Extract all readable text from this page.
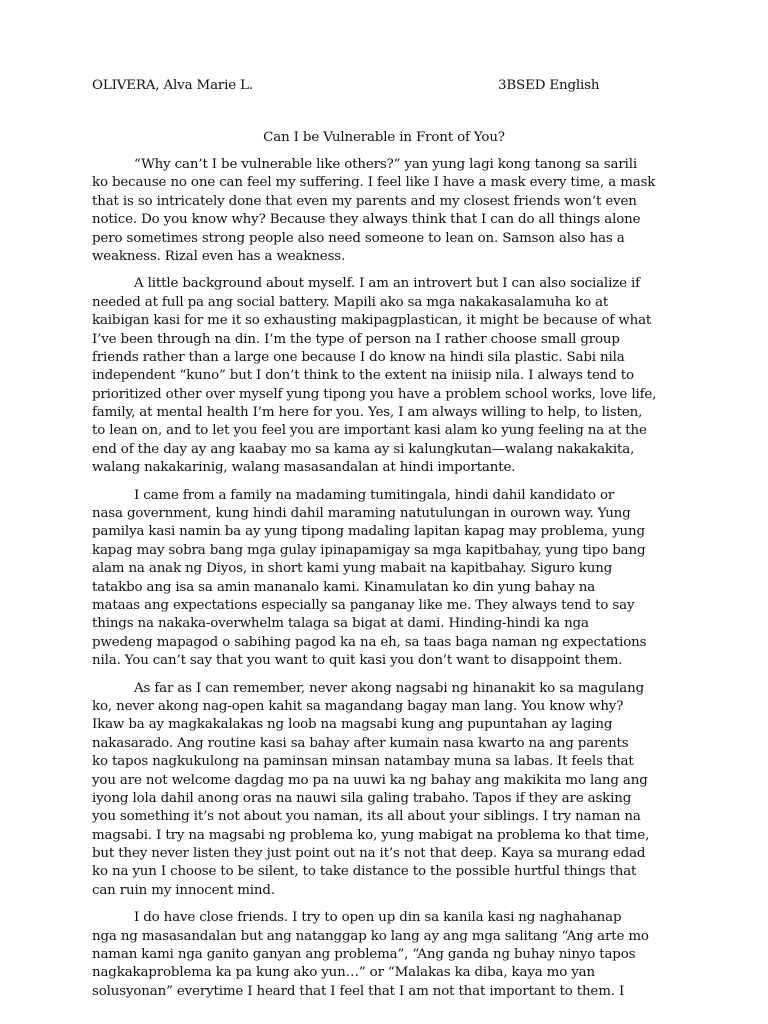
OLIVERA, Alva Marie L.	3BSED English
Can I be Vulnerable in Front of You?
“Why can’t I be vulnerable like others?” yan yung lagi kong tanong sa sarili
ko because no one can feel my suffering. I feel like I have a mask every time, a mask
that is so intricately done that even my parents and my closest friends won’t even
notice. Do you know why? Because they always think that I can do all things alone
pero sometimes strong people also need someone to lean on. Samson also has a
weakness. Rizal even has a weakness.
A little background about myself. I am an introvert but I can also socialize if
needed at full pa ang social battery. Mapili ako sa mga nakakasalamuha ko at
kaibigan kasi for me it so exhausting makipagplastican, it might be because of what
I’ve been through na din. I’m the type of person na I rather choose small group
friends rather than a large one because I do know na hindi sila plastic. Sabi nila
independent “kuno” but I don’t think to the extent na iniisip nila. I always tend to
prioritized other over myself yung tipong you have a problem school works, love life,
family, at mental health I’m here for you. Yes, I am always willing to help, to listen,
to lean on, and to let you feel you are important kasi alam ko yung feeling na at the
end of the day ay ang kaabay mo sa kama ay si kalungkutan—walang nakakakita,
walang nakakarinig, walang masasandalan at hindi importante.
I came from a family na madaming tumitingala, hindi dahil kandidato or
nasa government, kung hindi dahil maraming natutulungan in ourown way. Yung
pamilya kasi namin ba ay yung tipong madaling lapitan kapag may problema, yung
kapag may sobra bang mga gulay ipinapamigay sa mga kapitbahay, yung tipo bang
alam na anak ng Diyos, in short kami yung mabait na kapitbahay. Siguro kung
tatakbo ang isa sa amin mananalo kami. Kinamulatan ko din yung bahay na
mataas ang expectations especially sa panganay like me. They always tend to say
things na nakaka-overwhelm talaga sa bigat at dami. Hinding-hindi ka nga
pwedeng mapagod o sabihing pagod ka na eh, sa taas baga naman ng expectations
nila. You can’t say that you want to quit kasi you don’t want to disappoint them.
As far as I can remember, never akong nagsabi ng hinanakit ko sa magulang
ko, never akong nag-open kahit sa magandang bagay man lang. You know why?
Ikaw ba ay magkakalakas ng loob na magsabi kung ang pupuntahan ay laging
nakasarado. Ang routine kasi sa bahay after kumain nasa kwarto na ang parents
ko tapos nagkukulong na paminsan minsan natambay muna sa labas. It feels that
you are not welcome dagdag mo pa na uuwi ka ng bahay ang makikita mo lang ang
iyong lola dahil anong oras na nauwi sila galing trabaho. Tapos if they are asking
you something it’s not about you naman, its all about your siblings. I try naman na
magsabi. I try na magsabi ng problema ko, yung mabigat na problema ko that time,
but they never listen they just point out na it’s not that deep. Kaya sa murang edad
ko na yun I choose to be silent, to take distance to the possible hurtful things that
can ruin my innocent mind.
I do have close friends. I try to open up din sa kanila kasi ng naghahanap
nga ng masasandalan but ang natanggap ko lang ay ang mga salitang “Ang arte mo
naman kami nga ganito ganyan ang problema”, “Ang ganda ng buhay ninyo tapos
nagkakaproblema ka pa kung ako yun…” or “Malakas ka diba, kaya mo yan
solusyonan” everytime I heard that I feel that I am not that important to them. I
